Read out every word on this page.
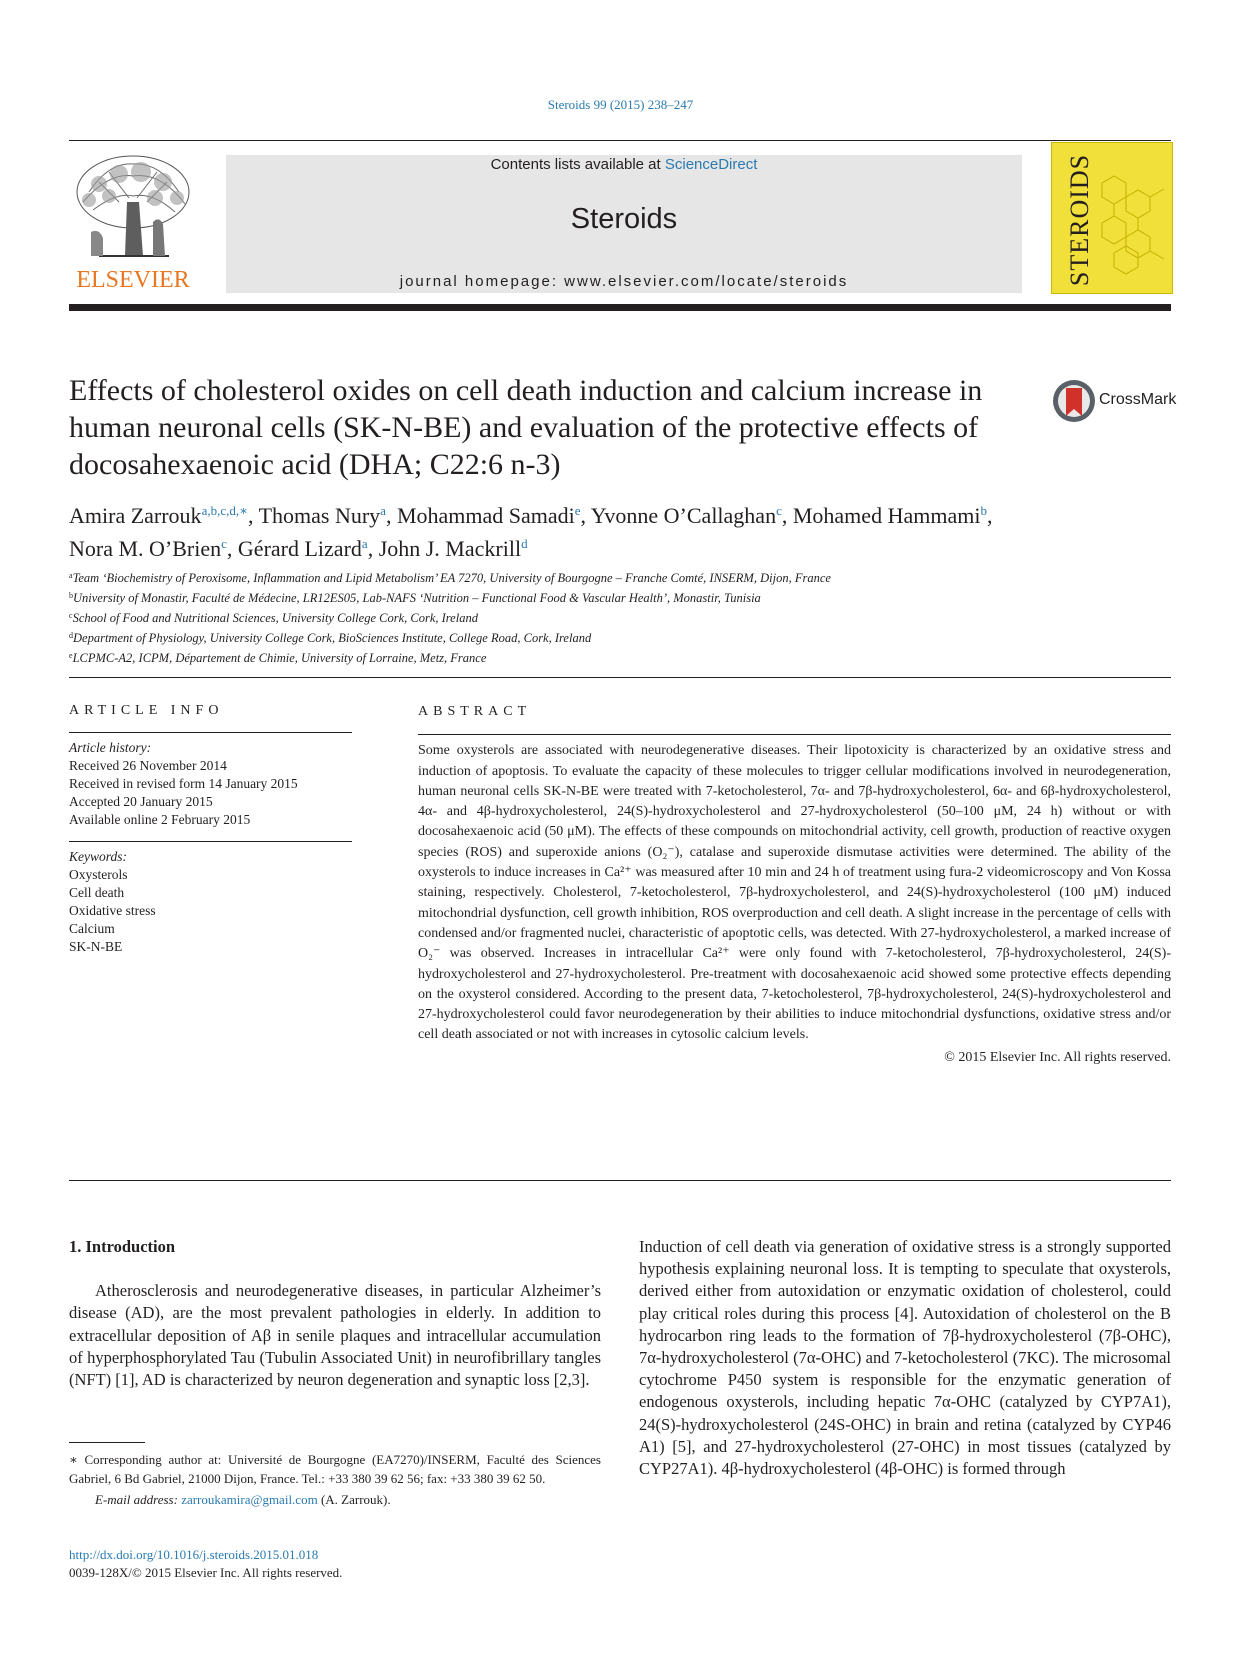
Steroids 99 (2015) 238–247
ELSEVIER
Contents lists available at ScienceDirect
Steroids
journal homepage: www.elsevier.com/locate/steroids	STEROIDS
Effects of cholesterol oxides on cell death induction and calcium increase in human neuronal cells (SK-N-BE) and evaluation of the protective effects of docosahexaenoic acid (DHA; C22:6 n-3)
CrossMark
Amira Zarrouk$^{a,b,c,d,∗}$, Thomas Nury$^a$, Mohammad Samadi$^e$, Yvonne O’Callaghan$^c$, Mohamed Hammami$^b$,
Nora M. O’Brien$^c$, Gérard Lizard$^a$, John J. Mackrill$^d$
$^a$Team ‘Biochemistry of Peroxisome, Inflammation and Lipid Metabolism’ EA 7270, University of Bourgogne – Franche Comté, INSERM, Dijon, France
$^b$University of Monastir, Faculté de Médecine, LR12ES05, Lab-NAFS ‘Nutrition – Functional Food & Vascular Health’, Monastir, Tunisia
$^c$School of Food and Nutritional Sciences, University College Cork, Cork, Ireland
$^d$Department of Physiology, University College Cork, BioSciences Institute, College Road, Cork, Ireland
$^e$LCPMC-A2, ICPM, Département de Chimie, University of Lorraine, Metz, France
ARTICLE INFO
Article history:
Received 26 November 2014
Received in revised form 14 January 2015
Accepted 20 January 2015
Available online 2 February 2015
Keywords:
Oxysterols
Cell death
Oxidative stress
Calcium
SK-N-BE
ABSTRACT
Some oxysterols are associated with neurodegenerative diseases. Their lipotoxicity is characterized by an oxidative stress and induction of apoptosis. To evaluate the capacity of these molecules to trigger cellular modifications involved in neurodegeneration, human neuronal cells SK-N-BE were treated with 7-ketocholesterol, 7α- and 7β-hydroxycholesterol, 6α- and 6β-hydroxycholesterol, 4α- and 4β-hydroxycholesterol, 24(S)-hydroxycholesterol and 27-hydroxycholesterol (50–100 μM, 24 h) without or with docosahexaenoic acid (50 μM). The effects of these compounds on mitochondrial activity, cell growth, production of reactive oxygen species (ROS) and superoxide anions (O₂⁻), catalase and superoxide dismutase activities were determined. The ability of the oxysterols to induce increases in Ca²⁺ was measured after 10 min and 24 h of treatment using fura-2 videomicroscopy and Von Kossa staining, respectively. Cholesterol, 7-ketocholesterol, 7β-hydroxycholesterol, and 24(S)-hydroxycholesterol (100 μM) induced mitochondrial dysfunction, cell growth inhibition, ROS overproduction and cell death. A slight increase in the percentage of cells with condensed and/or fragmented nuclei, characteristic of apoptotic cells, was detected. With 27-hydroxycholesterol, a marked increase of O₂⁻ was observed. Increases in intracellular Ca²⁺ were only found with 7-ketocholesterol, 7β-hydroxycholesterol, 24(S)-hydroxycholesterol and 27-hydroxycholesterol. Pre-treatment with docosahexaenoic acid showed some protective effects depending on the oxysterol considered. According to the present data, 7-ketocholesterol, 7β-hydroxycholesterol, 24(S)-hydroxycholesterol and 27-hydroxycholesterol could favor neurodegeneration by their abilities to induce mitochondrial dysfunctions, oxidative stress and/or cell death associated or not with increases in cytosolic calcium levels.
© 2015 Elsevier Inc. All rights reserved.
1. Introduction
Atherosclerosis and neurodegenerative diseases, in particular Alzheimer’s disease (AD), are the most prevalent pathologies in elderly. In addition to extracellular deposition of Aβ in senile plaques and intracellular accumulation of hyperphosphorylated Tau (Tubulin Associated Unit) in neurofibrillary tangles (NFT) [1], AD is characterized by neuron degeneration and synaptic loss [2,3].
Induction of cell death via generation of oxidative stress is a strongly supported hypothesis explaining neuronal loss. It is tempting to speculate that oxysterols, derived either from autoxidation or enzymatic oxidation of cholesterol, could play critical roles during this process [4]. Autoxidation of cholesterol on the B hydrocarbon ring leads to the formation of 7β-hydroxycholesterol (7β-OHC), 7α-hydroxycholesterol (7α-OHC) and 7-ketocholesterol (7KC). The microsomal cytochrome P450 system is responsible for the enzymatic generation of endogenous oxysterols, including hepatic 7α-OHC (catalyzed by CYP7A1), 24(S)-hydroxycholesterol (24S-OHC) in brain and retina (catalyzed by CYP46 A1) [5], and 27-hydroxycholesterol (27-OHC) in most tissues (catalyzed by CYP27A1). 4β-hydroxycholesterol (4β-OHC) is formed through
∗ Corresponding author at: Université de Bourgogne (EA7270)/INSERM, Faculté des Sciences Gabriel, 6 Bd Gabriel, 21000 Dijon, France. Tel.: +33 380 39 62 56; fax: +33 380 39 62 50.
E-mail address: zarroukamira@gmail.com (A. Zarrouk).
http://dx.doi.org/10.1016/j.steroids.2015.01.018
0039-128X/© 2015 Elsevier Inc. All rights reserved.
